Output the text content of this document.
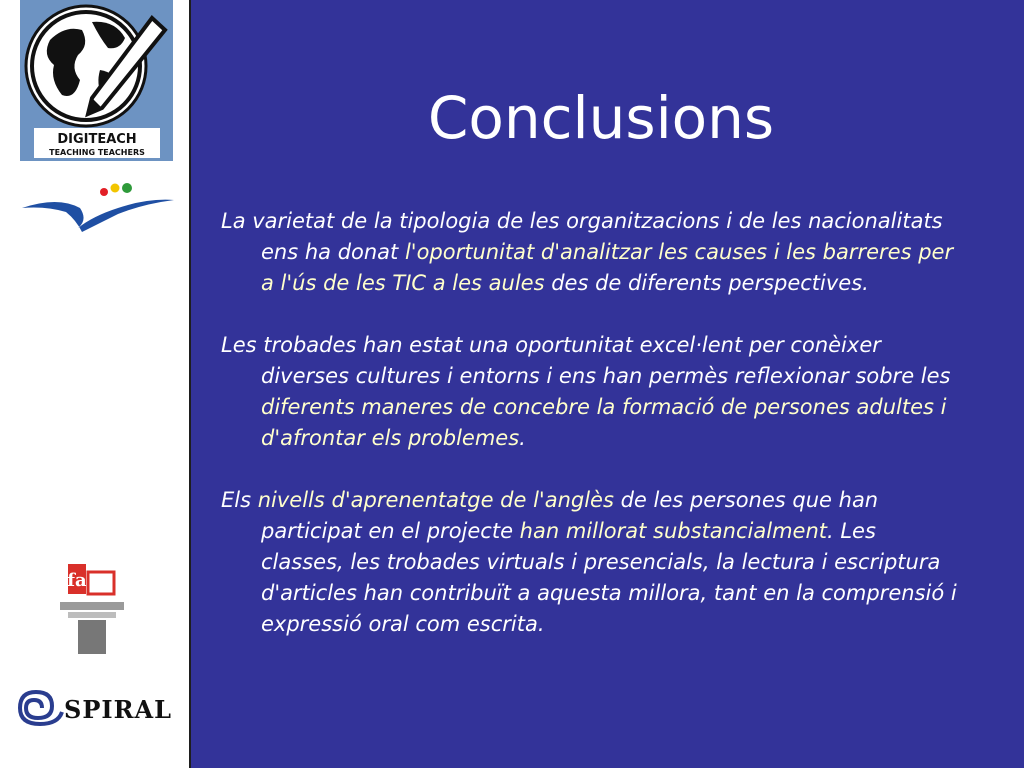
DIGITEACH
TEACHING TEACHERS
fa
SPIRAL
Conclusions

La varietat de la tipologia de les organitzacions i de les nacionalitats ens ha donat l'oportunitat d'analitzar les causes i les barreres per a l'ús de les TIC a les aules des de diferents perspectives.

Les trobades han estat una oportunitat excel·lent per conèixer diverses cultures i entorns i ens han permès reflexionar sobre les diferents maneres de concebre la formació de persones adultes i d'afrontar els problemes.

Els nivells d'aprenentatge de l'anglès de les persones que han participat en el projecte han millorat substancialment. Les classes, les trobades virtuals i presencials, la lectura i escriptura d'articles han contribuït a aquesta millora, tant en la comprensió i expressió oral com escrita.
